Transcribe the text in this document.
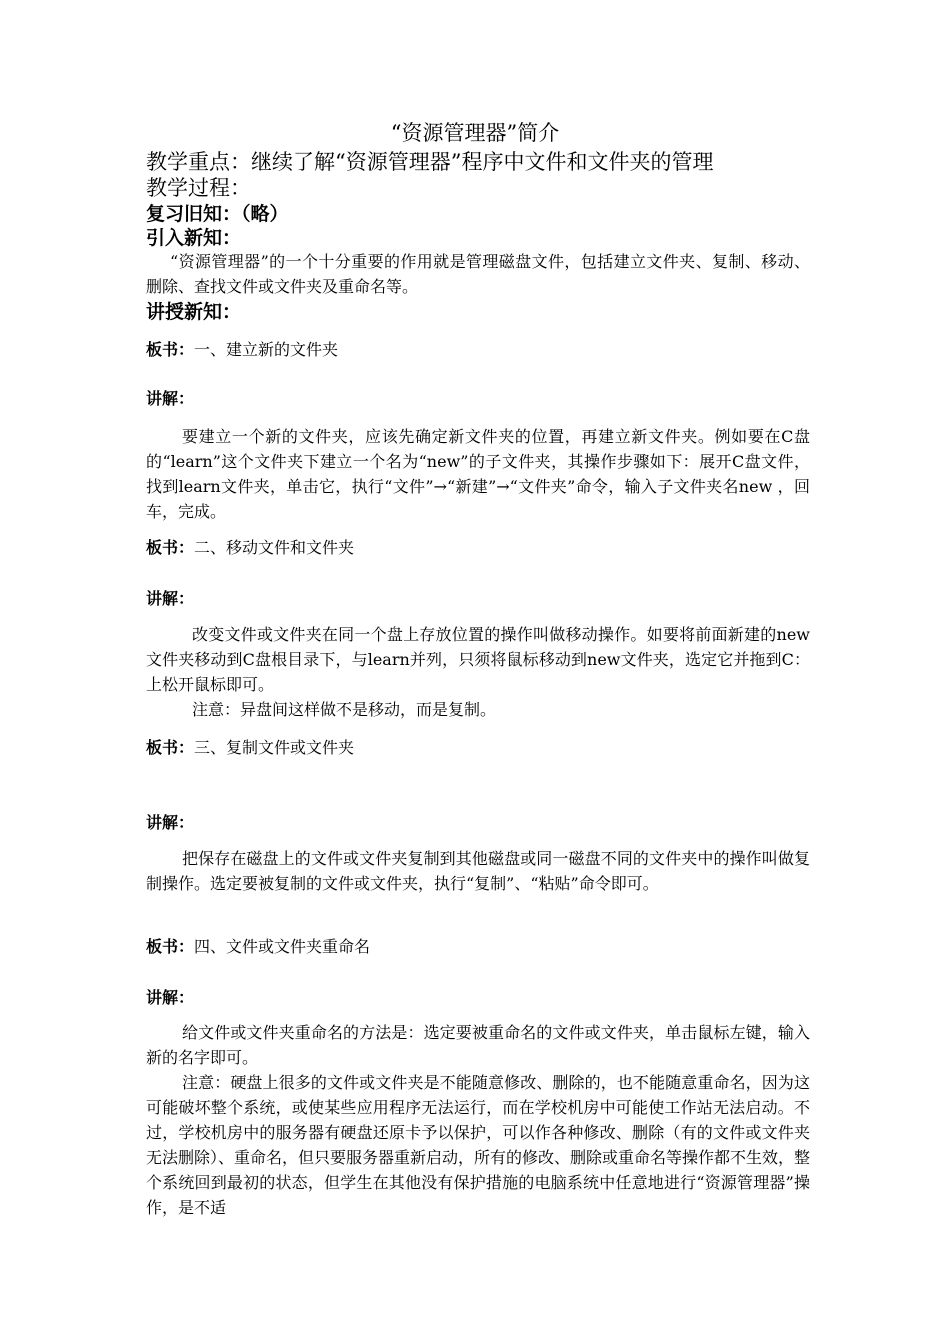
“资源管理器”简介

教学重点：继续了解“资源管理器”程序中文件和文件夹的管理

教学过程：

复习旧知：（略）

引入新知：

“资源管理器”的一个十分重要的作用就是管理磁盘文件，包括建立文件夹、复制、移动、删除、查找文件或文件夹及重命名等。

讲授新知：

板书：一、建立新的文件夹

讲解：

要建立一个新的文件夹，应该先确定新文件夹的位置，再建立新文件夹。例如要在C盘的“learn”这个文件夹下建立一个名为“new”的子文件夹，其操作步骤如下：展开C盘文件，找到learn文件夹，单击它，执行“文件”→“新建”→“文件夹”命令，输入子文件夹名new ，回车，完成。

板书：二、移动文件和文件夹

讲解：

改变文件或文件夹在同一个盘上存放位置的操作叫做移动操作。如要将前面新建的new文件夹移动到C盘根目录下，与learn并列，只须将鼠标移动到new文件夹，选定它并拖到C：上松开鼠标即可。

注意：异盘间这样做不是移动，而是复制。

板书：三、复制文件或文件夹

讲解：

把保存在磁盘上的文件或文件夹复制到其他磁盘或同一磁盘不同的文件夹中的操作叫做复制操作。选定要被复制的文件或文件夹，执行“复制”、“粘贴”命令即可。

板书：四、文件或文件夹重命名

讲解：

给文件或文件夹重命名的方法是：选定要被重命名的文件或文件夹，单击鼠标左键，输入新的名字即可。

注意：硬盘上很多的文件或文件夹是不能随意修改、删除的，也不能随意重命名，因为这可能破坏整个系统，或使某些应用程序无法运行，而在学校机房中可能使工作站无法启动。不过，学校机房中的服务器有硬盘还原卡予以保护，可以作各种修改、删除（有的文件或文件夹无法删除）、重命名，但只要服务器重新启动，所有的修改、删除或重命名等操作都不生效，整个系统回到最初的状态，但学生在其他没有保护措施的电脑系统中任意地进行“资源管理器”操作，是不适
